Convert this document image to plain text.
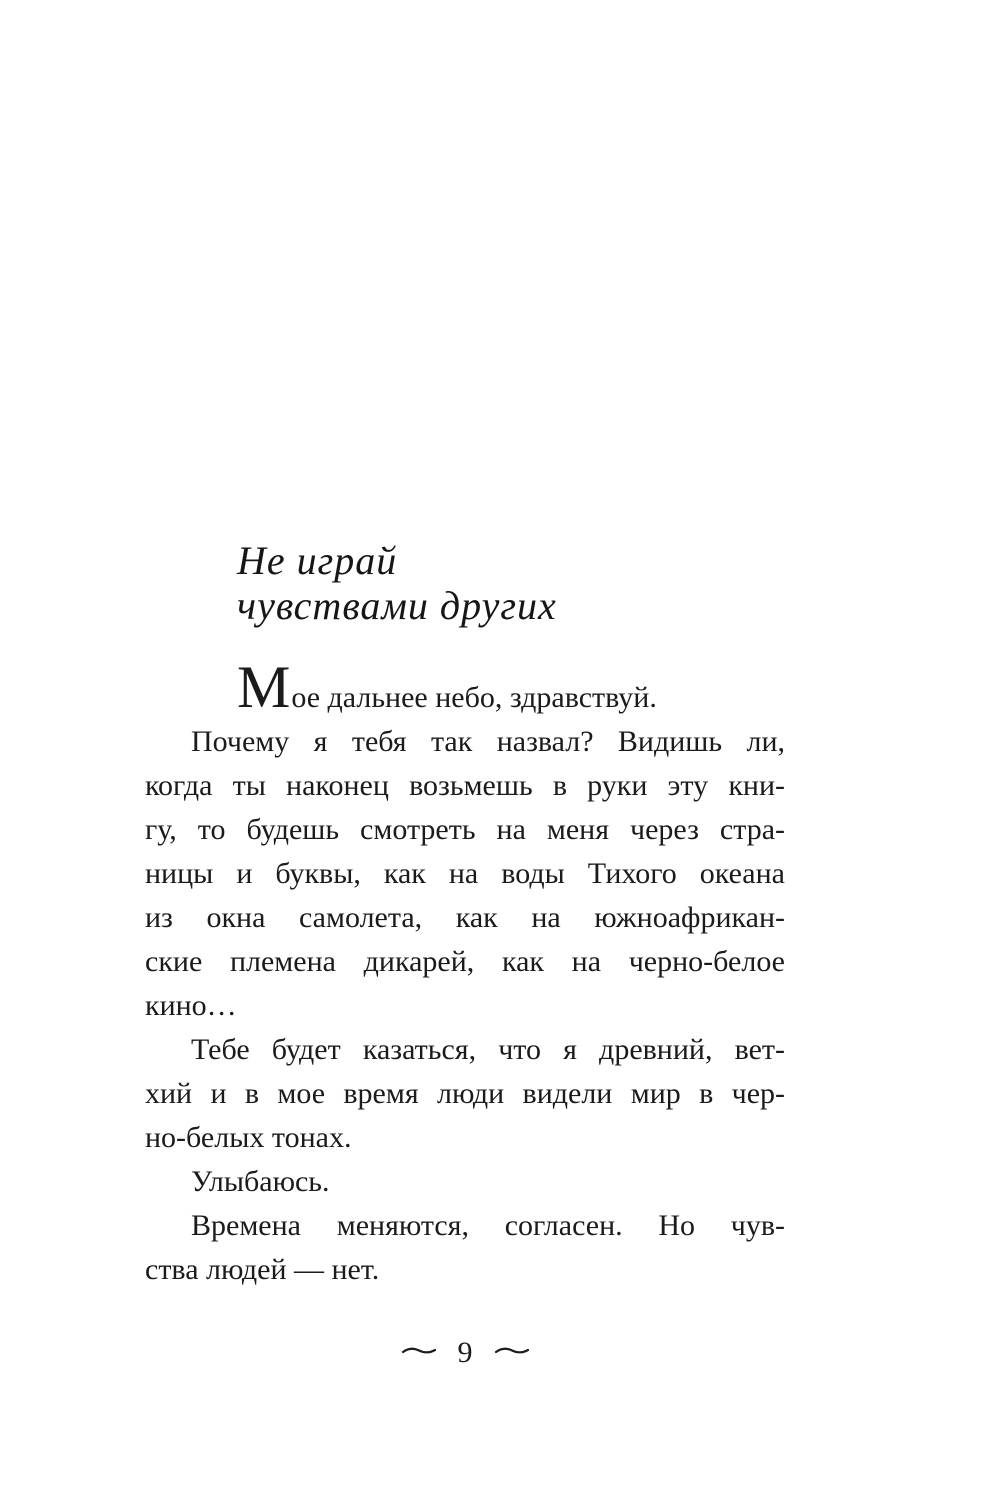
Не играй
чувствами других
Мое дальнее небо, здравствуй.
Почему я тебя так назвал? Видишь ли,
когда ты наконец возьмешь в руки эту кни-
гу, то будешь смотреть на меня через стра-
ницы и буквы, как на воды Тихого океана
из окна самолета, как на южноафрикан-
ские племена дикарей, как на черно-белое
кино…
Тебе будет казаться, что я древний, вет-
хий и в мое время люди видели мир в чер-
но-белых тонах.
Улыбаюсь.
Времена меняются, согласен. Но чув-
ства людей — нет.
9
